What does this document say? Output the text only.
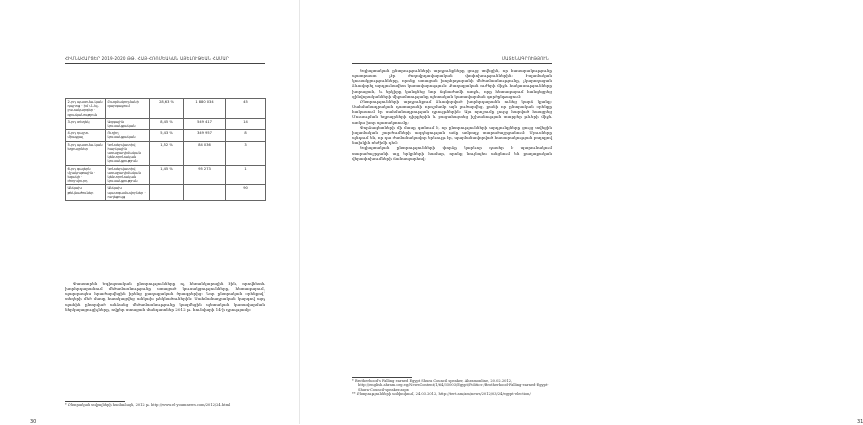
ՀԻՄՆԱՀԱՐՑԵՐ 2019-2020 ԹԹ. ՀԱՅ-ՀՌՈՄԵԱԿԱՆ ԱՅԵԼՈՒԹԵԱՆ ՀԱՄԱՐ
2-րդ պատմա-կան դպրոց · իմ մ--ել-լուսակարգեր · գրականություն	Բազմակողմանի զարգացում	28,63 %	1 880 034	45
3-րդ տեղեկ	Ազգային կուսակցական	8,45 %	549 417	14
4-րդ դաշտ. միացյալ	Ուղիղ կուսակցական	5,43 %	349 957	8
5-րդ պատմա-կան եղբայրներ	Կոնսերվատիվ հարկային առաջադիմական կենտրոնական կուսակցություն	1,52 %	84 036	3
6-րդ գալերն մշակութային · եզակի · ժողովուրդ	Կոնսերվատիվ առաջադիմական կենտրոնական կուսակցություն	1,45 %	95 273	1
Անկախ թեկնածուներ	Անկախ պատգամավորներ · ուղեցույց			90

Փաստորեն Եգիպտական ընտրությունները ոչ հեռանկարային էին, որովհետև խորհրդարանում մեծամասնությունը ստացած կուսակցությունները, հետագայում, պարզապես հրաժարվեցին իրենց քաղաքական ծրագրերից։ Նոր ընտրական օրենքով՝ տեղերի մեծ մասը հատկացվեց անկախ թեկնածուներին։ Սահմանադրական կարգով այդ պահին ընտրված անձանց մեծամասնությունը կազմեցին պետական կառավարման ներկայացուցիչները, ովքեր ստացան մանդատներ 2012 թ. հունվարի 14-ի դրությամբ։

* Ընտրական տվյալների համաձայն, 2012 թ. http://www.el-youmnews.com/2012/24.html

30
ՄԱՏԵՆԱԳՐՈՒԹՅՈՒՆ

Եգիպտական ընտրությունների արդյունքները ցույց տվեցին, որ հասարակությունը պատրաստ չէր ժողովրդավարական փոփոխություններին։ Իսլամական կուսակցությունները, որոնք ստացան խորհրդարանի մեծամասնությունը, չկարողացան ձևավորել արդյունավետ կառավարություն։ Քաղաքական ուժերի միջև հակասությունները խորացան, և երկիրը կանգնեց նոր ճգնաժամի առջև, որը հետագայում հանգեցրեց զինվորականների միջամտությանը պետական կառավարման գործընթացում։

Ընտրությունների արդյունքում ձևավորված խորհրդարանն ունեց կարճ կյանք։ Սահմանադրական դատարանի որոշմամբ այն լուծարվեց, քանի որ ընտրական օրենքը հակասում էր սահմանադրության դրույթներին։ Այս որոշումը լուրջ հարված հասցրեց Մուսուլման եղբայրների դիրքերին և բացահայտեց իշխանության տարբեր թևերի միջև առկա խոր պառակտումը։

Փորձագետների մի մասը գտնում է, որ ընտրությունների արդյունքները ցույց տվեցին իսլամական շարժումների ազդեցության աճը ամբողջ տարածաշրջանում։ Մյուսները պնդում են, որ դա ժամանակավոր երևույթ էր, պայմանավորված հասարակության բողոքով նախկին ռեժիմի դեմ։

Եգիպտական ընտրությունների փորձը կարևոր դասեր է պարունակում տարածաշրջանի այլ երկրների համար, որոնք նույնպես անցնում են քաղաքական վերափոխումների ճանապարհով։

* Brotherhood's Falling earned Egypt Shura Council speaker, Ahramonline, 20.02.2012, http://english.ahram.org.eg/NewsContent/1/64/35003/Egypt/Politics-/Brotherhood-Falling-earned-Egypt-Shura-Council-speaker.aspx

** Ընտրությունների ամփոփում, 24.03.2012, http://tert.am/am/news/2012/03/24/egypt-election/

31
